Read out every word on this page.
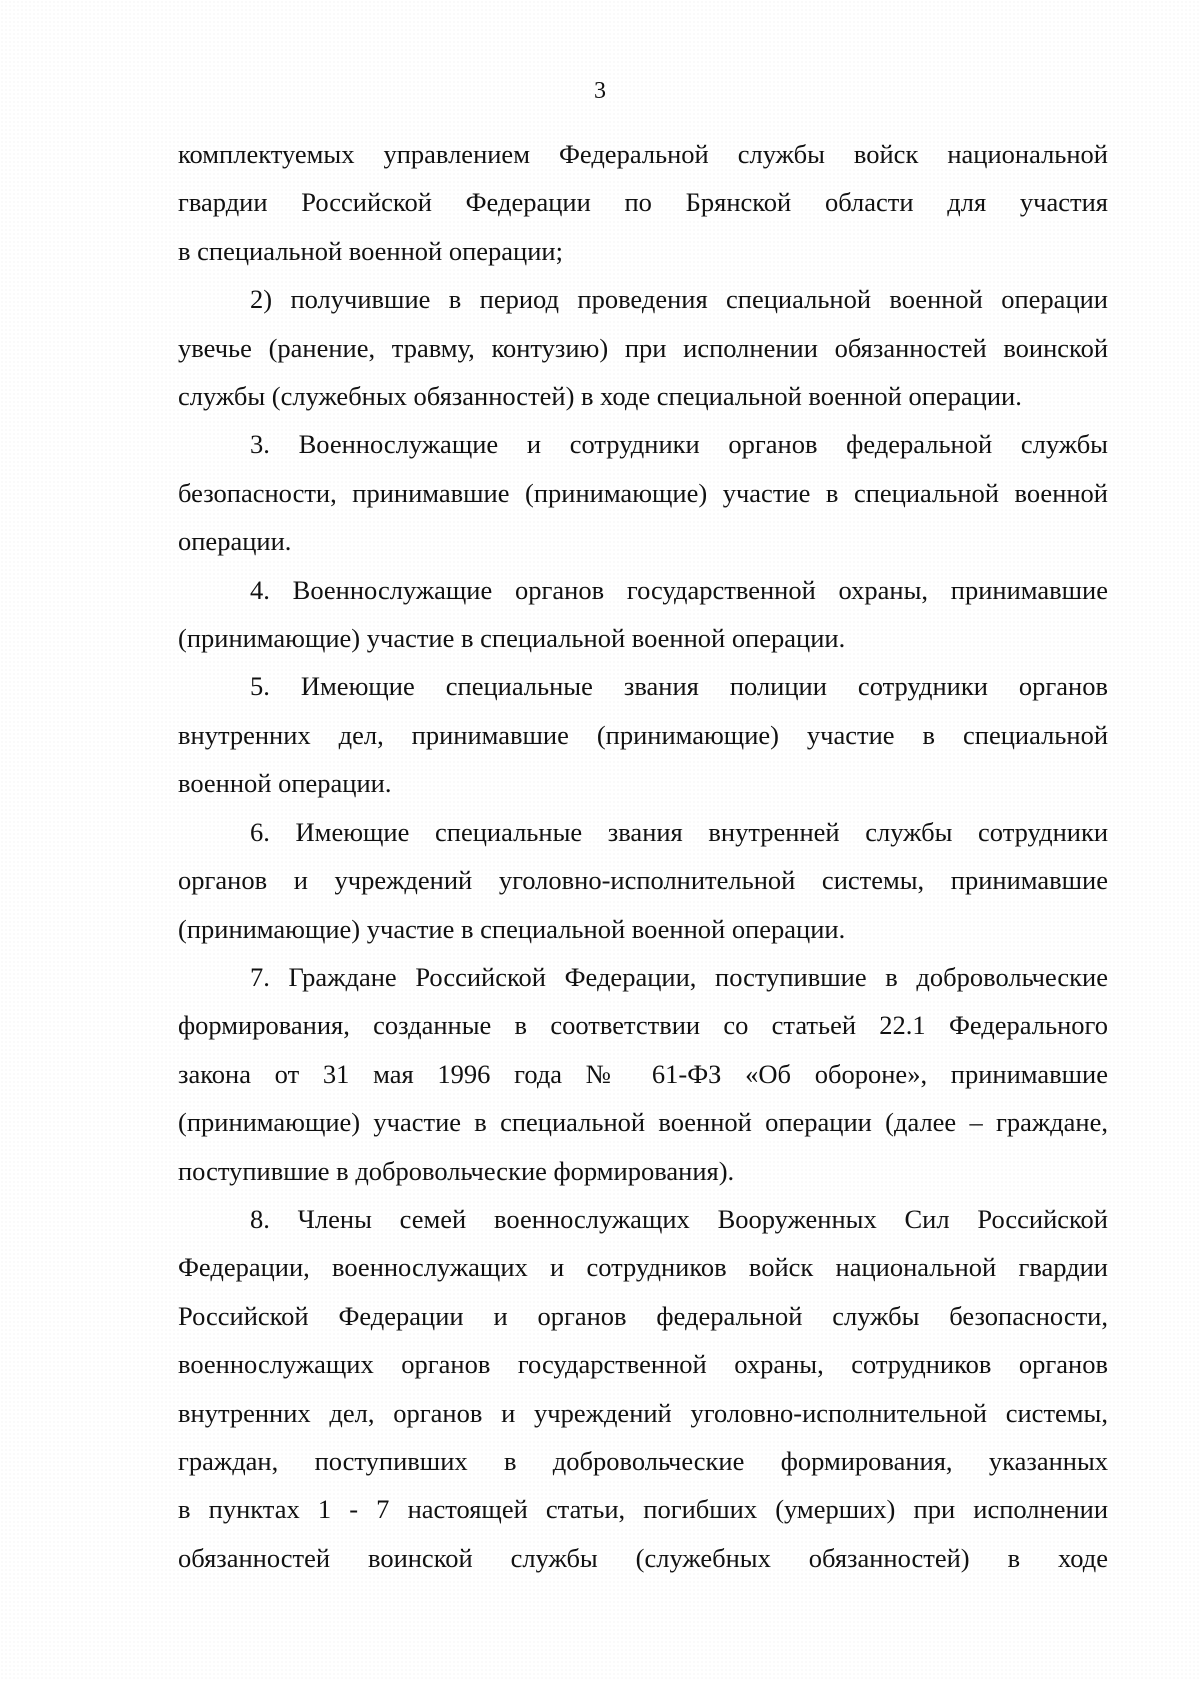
3

комплектуемых управлением Федеральной службы войск национальной
гвардии Российской Федерации по Брянской области для участия
в специальной военной операции;

2) получившие в период проведения специальной военной операции
увечье (ранение, травму, контузию) при исполнении обязанностей воинской
службы (служебных обязанностей) в ходе специальной военной операции.

3. Военнослужащие и сотрудники органов федеральной службы
безопасности, принимавшие (принимающие) участие в специальной военной
операции.

4. Военнослужащие органов государственной охраны, принимавшие
(принимающие) участие в специальной военной операции.

5. Имеющие специальные звания полиции сотрудники органов
внутренних дел, принимавшие (принимающие) участие в специальной
военной операции.

6. Имеющие специальные звания внутренней службы сотрудники
органов и учреждений уголовно-исполнительной системы, принимавшие
(принимающие) участие в специальной военной операции.

7. Граждане Российской Федерации, поступившие в добровольческие
формирования, созданные в соответствии со статьей 22.1 Федерального
закона от 31 мая 1996 года № 61-ФЗ «Об обороне», принимавшие
(принимающие) участие в специальной военной операции (далее – граждане,
поступившие в добровольческие формирования).

8. Члены семей военнослужащих Вооруженных Сил Российской
Федерации, военнослужащих и сотрудников войск национальной гвардии
Российской Федерации и органов федеральной службы безопасности,
военнослужащих органов государственной охраны, сотрудников органов
внутренних дел, органов и учреждений уголовно-исполнительной системы,
граждан, поступивших в добровольческие формирования, указанных
в пунктах 1 - 7 настоящей статьи, погибших (умерших) при исполнении
обязанностей воинской службы (служебных обязанностей) в ходе
